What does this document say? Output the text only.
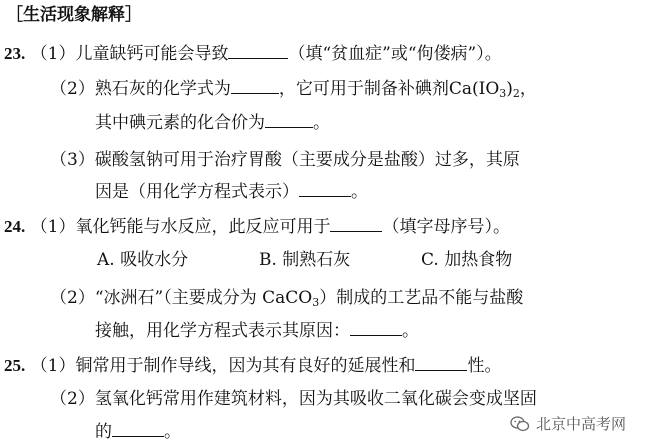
［生活现象解释］
23. （1）儿童缺钙可能会导致	（填“贫血症”或“佝偻病”）。
（2）熟石灰的化学式为	，它可用于制备补碘剂$Ca(IO_3)_2$，
其中碘元素的化合价为	。
（3）碳酸氢钠可用于治疗胃酸（主要成分是盐酸）过多，其原
因是（用化学方程式表示）	。
24. （1）氧化钙能与水反应，此反应可用于	（填字母序号）。
A. 吸收水分	B. 制熟石灰	C. 加热食物
（2）“冰洲石”（主要成分为 CaCO$_3$）制成的工艺品不能与盐酸
接触，用化学方程式表示其原因：	。
25. （1）铜常用于制作导线，因为其有良好的延展性和	性。
（2）氢氧化钙常用作建筑材料，因为其吸收二氧化碳会变成坚固
的	。	北京中高考网
